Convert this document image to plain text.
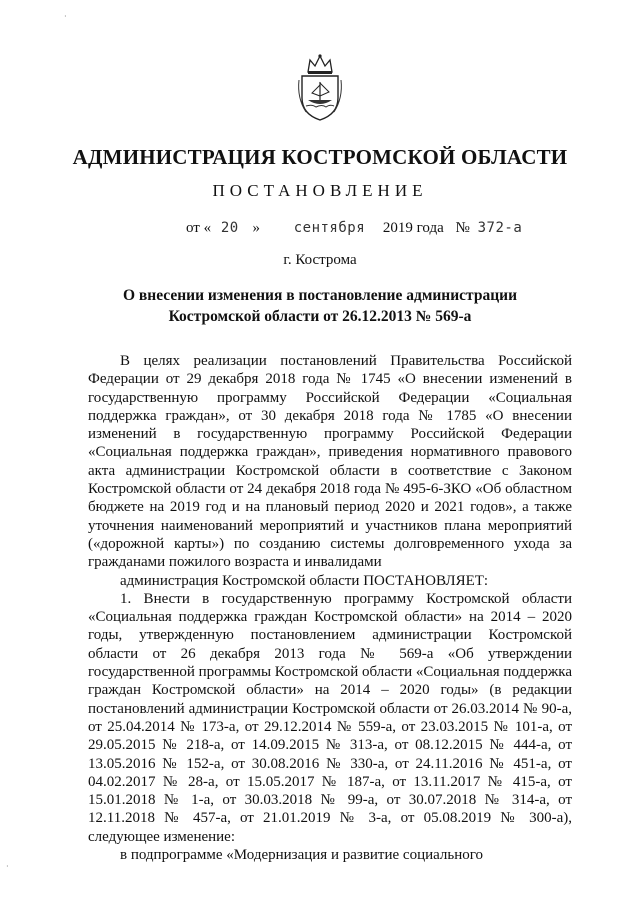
·
АДМИНИСТРАЦИЯ КОСТРОМСКОЙ ОБЛАСТИ
ПОСТАНОВЛЕНИЕ
от « 20 » сентября 2019 года № 372-а
г. Кострома
О внесении изменения в постановление администрации
Костромской области от 26.12.2013 № 569-а

В целях реализации постановлений Правительства Российской Федерации от 29 декабря 2018 года № 1745 «О внесении изменений в государственную программу Российской Федерации «Социальная поддержка граждан», от 30 декабря 2018 года № 1785 «О внесении изменений в государственную программу Российской Федерации «Социальная поддержка граждан», приведения нормативного правового акта администрации Костромской области в соответствие с Законом Костромской области от 24 декабря 2018 года № 495-6-ЗКО «Об областном бюджете на 2019 год и на плановый период 2020 и 2021 годов», а также уточнения наименований мероприятий и участников плана мероприятий («дорожной карты») по созданию системы долговременного ухода за гражданами пожилого возраста и инвалидами

администрация Костромской области ПОСТАНОВЛЯЕТ:

1. Внести в государственную программу Костромской области «Социальная поддержка граждан Костромской области» на 2014 – 2020 годы, утвержденную постановлением администрации Костромской области от 26 декабря 2013 года № 569-а «Об утверждении государственной программы Костромской области «Социальная поддержка граждан Костромской области» на 2014 – 2020 годы» (в редакции постановлений администрации Костромской области от 26.03.2014 № 90-а, от 25.04.2014 № 173-а, от 29.12.2014 № 559-а, от 23.03.2015 № 101-а, от 29.05.2015 № 218-а, от 14.09.2015 № 313-а, от 08.12.2015 № 444-а, от 13.05.2016 № 152-а, от 30.08.2016 № 330-а, от 24.11.2016 № 451-а, от 04.02.2017 № 28-а, от 15.05.2017 № 187-а, от 13.11.2017 № 415-а, от 15.01.2018 № 1-а, от 30.03.2018 № 99-а, от 30.07.2018 № 314-а, от 12.11.2018 № 457-а, от 21.01.2019 № 3-а, от 05.08.2019 № 300-а), следующее изменение:

в подпрограмме «Модернизация и развитие социального

·
